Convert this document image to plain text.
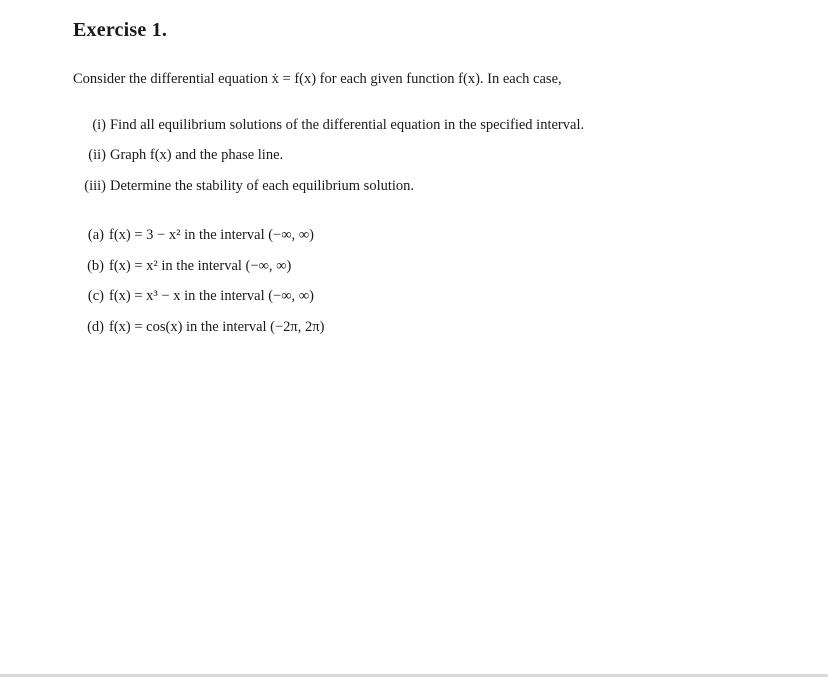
Exercise 1.
Consider the differential equation ẋ = f(x) for each given function f(x). In each case,
(i) Find all equilibrium solutions of the differential equation in the specified interval.
(ii) Graph f(x) and the phase line.
(iii) Determine the stability of each equilibrium solution.
(a) f(x) = 3 − x² in the interval (−∞, ∞)
(b) f(x) = x² in the interval (−∞, ∞)
(c) f(x) = x³ − x in the interval (−∞, ∞)
(d) f(x) = cos(x) in the interval (−2π, 2π)
